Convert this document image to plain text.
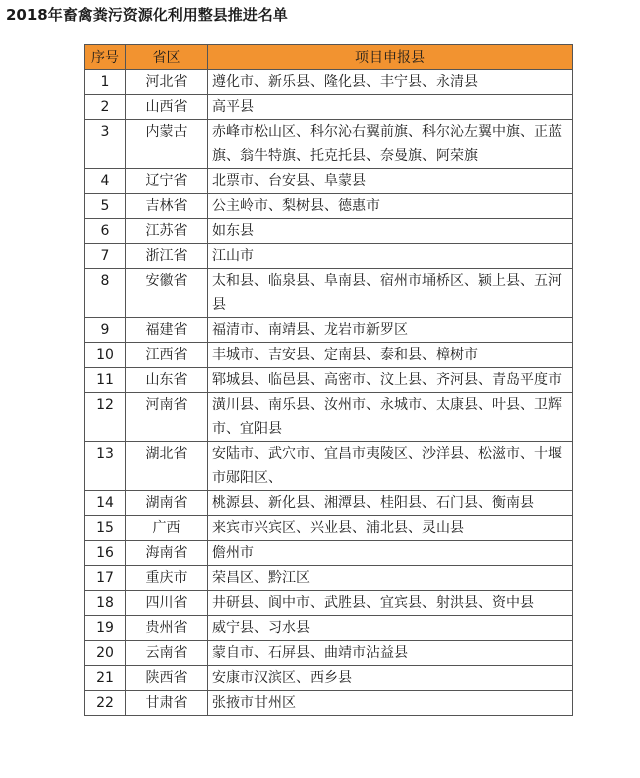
2018年畜禽粪污资源化利用整县推进名单
序号	省区	项目申报县
1	河北省	遵化市、新乐县、隆化县、丰宁县、永清县
2	山西省	高平县
3	内蒙古	赤峰市松山区、科尔沁右翼前旗、科尔沁左翼中旗、正蓝旗、翁牛特旗、托克托县、奈曼旗、阿荣旗
4	辽宁省	北票市、台安县、阜蒙县
5	吉林省	公主岭市、梨树县、德惠市
6	江苏省	如东县
7	浙江省	江山市
8	安徽省	太和县、临泉县、阜南县、宿州市埇桥区、颍上县、五河县
9	福建省	福清市、南靖县、龙岩市新罗区
10	江西省	丰城市、吉安县、定南县、泰和县、樟树市
11	山东省	郓城县、临邑县、高密市、汶上县、齐河县、青岛平度市
12	河南省	潢川县、南乐县、汝州市、永城市、太康县、叶县、卫辉市、宜阳县
13	湖北省	安陆市、武穴市、宜昌市夷陵区、沙洋县、松滋市、十堰市郧阳区、
14	湖南省	桃源县、新化县、湘潭县、桂阳县、石门县、衡南县
15	广西	来宾市兴宾区、兴业县、浦北县、灵山县
16	海南省	儋州市
17	重庆市	荣昌区、黔江区
18	四川省	井研县、阆中市、武胜县、宜宾县、射洪县、资中县
19	贵州省	威宁县、习水县
20	云南省	蒙自市、石屏县、曲靖市沾益县
21	陕西省	安康市汉滨区、西乡县
22	甘肃省	张掖市甘州区
